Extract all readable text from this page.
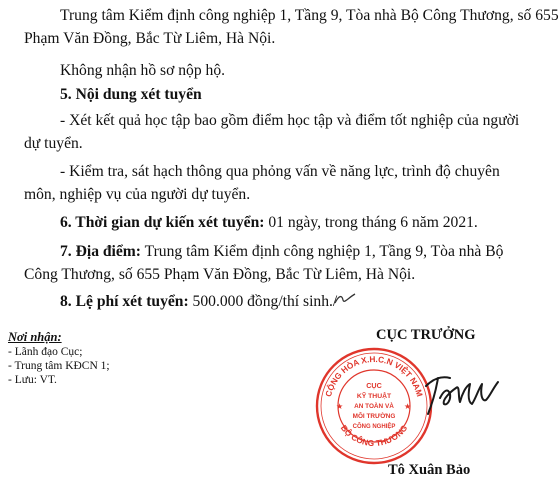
Trung tâm Kiểm định công nghiệp 1, Tầng 9, Tòa nhà Bộ Công Thương, số 655
Phạm Văn Đồng, Bắc Từ Liêm, Hà Nội.
Không nhận hồ sơ nộp hộ.
5. Nội dung xét tuyển
- Xét kết quả học tập bao gồm điểm học tập và điểm tốt nghiệp của người
dự tuyển.
- Kiểm tra, sát hạch thông qua phỏng vấn về năng lực, trình độ chuyên
môn, nghiệp vụ của người dự tuyển.
6. Thời gian dự kiến xét tuyển: 01 ngày, trong tháng 6 năm 2021.
7. Địa điểm: Trung tâm Kiểm định công nghiệp 1, Tầng 9, Tòa nhà Bộ
Công Thương, số 655 Phạm Văn Đồng, Bắc Từ Liêm, Hà Nội.
8. Lệ phí xét tuyển: 500.000 đồng/thí sinh./
Nơi nhận:
- Lãnh đạo Cục;
- Trung tâm KĐCN 1;
- Lưu: VT.
CỤC TRƯỞNG
CỘNG HÒA X.H.C.N VIỆT NAM
BỘ CÔNG THƯƠNG
★	★
CỤC
KỸ THUẬT
AN TOÀN VÀ
MÔI TRƯỜNG
CÔNG NGHIỆP
Tô Xuân Bảo
